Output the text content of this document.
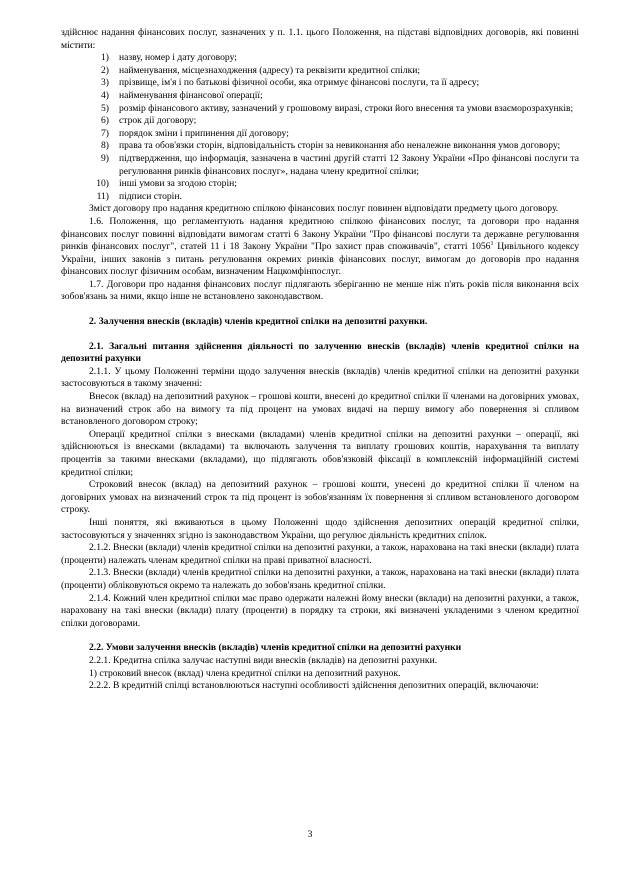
здійснює надання фінансових послуг, зазначених у п. 1.1. цього Положення, на підставі відповідних договорів, які повинні містити:

1)	назву, номер і дату договору;
2)	найменування, місцезнаходження (адресу) та реквізити кредитної спілки;
3)	прізвище, ім'я і по батькові фізичної особи, яка отримує фінансові послуги, та її адресу;
4)	найменування фінансової операції;
5)	розмір фінансового активу, зазначений у грошовому виразі, строки його внесення та умови взаєморозрахунків;
6)	строк дії договору;
7)	порядок зміни і припинення дії договору;
8)	права та обов'язки сторін, відповідальність сторін за невиконання або неналежне виконання умов договору;
9)	підтвердження, що інформація, зазначена в частині другій статті 12 Закону України «Про фінансові послуги та регулювання ринків фінансових послуг», надана члену кредитної спілки;
10)	інші умови за згодою сторін;
11)	підписи сторін.

Зміст договору про надання кредитною спілкою фінансових послуг повинен відповідати предмету цього договору.

1.6. Положення, що регламентують надання кредитною спілкою фінансових послуг, та договори про надання фінансових послуг повинні відповідати вимогам статті 6 Закону України "Про фінансові послуги та державне регулювання ринків фінансових послуг", статей 11 і 18 Закону України "Про захист прав споживачів", статті 1056$^1$ Цивільного кодексу України, інших законів з питань регулювання окремих ринків фінансових послуг, вимогам до договорів про надання фінансових послуг фізичним особам, визначеним Нацкомфінпослуг.

1.7. Договори про надання фінансових послуг підлягають зберіганню не менше ніж п'ять років після виконання всіх зобов'язань за ними, якщо інше не встановлено законодавством.

2. Залучення внесків (вкладів) членів кредитної спілки на депозитні рахунки.

2.1. Загальні питання здійснення діяльності по залученню внесків (вкладів) членів кредитної спілки на депозитні рахунки

2.1.1. У цьому Положенні терміни щодо залучення внесків (вкладів) членів кредитної спілки на депозитні рахунки застосовуються в такому значенні:

Внесок (вклад) на депозитний рахунок – грошові кошти, внесені до кредитної спілки її членами на договірних умовах, на визначений строк або на вимогу та під процент на умовах видачі на першу вимогу або повернення зі спливом встановленого договором строку;

Операції кредитної спілки з внесками (вкладами) членів кредитної спілки на депозитні рахунки – операції, які здійснюються із внесками (вкладами) та включають залучення та виплату грошових коштів, нарахування та виплату процентів за такими внесками (вкладами), що підлягають обов'язковій фіксації в комплексній інформаційній системі кредитної спілки;

Строковий внесок (вклад) на депозитний рахунок – грошові кошти, унесені до кредитної спілки її членом на договірних умовах на визначений строк та під процент із зобов'язанням їх повернення зі спливом встановленого договором строку.

Інші поняття, які вживаються в цьому Положенні щодо здійснення депозитних операцій кредитної спілки, застосовуються у значеннях згідно із законодавством України, що регулює діяльність кредитних спілок.

2.1.2. Внески (вклади) членів кредитної спілки на депозитні рахунки, а також, нарахована на такі внески (вклади) плата (проценти) належать членам кредитної спілки на праві приватної власності.

2.1.3. Внески (вклади) членів кредитної спілки на депозитні рахунки, а також, нарахована на такі внески (вклади) плата (проценти) обліковуються окремо та належать до зобов'язань кредитної спілки.

2.1.4. Кожний член кредитної спілки має право одержати належні йому внески (вклади) на депозитні рахунки, а також, нараховану на такі внески (вклади) плату (проценти) в порядку та строки, які визначені укладеними з членом кредитної спілки договорами.

2.2. Умови залучення внесків (вкладів) членів кредитної спілки на депозитні рахунки

2.2.1. Кредитна спілка залучає наступні види внесків (вкладів) на депозитні рахунки.

1) строковий внесок (вклад) члена кредитної спілки на депозитний рахунок.

2.2.2. В кредитній спілці встановлюються наступні особливості здійснення депозитних операцій, включаючи:

3
